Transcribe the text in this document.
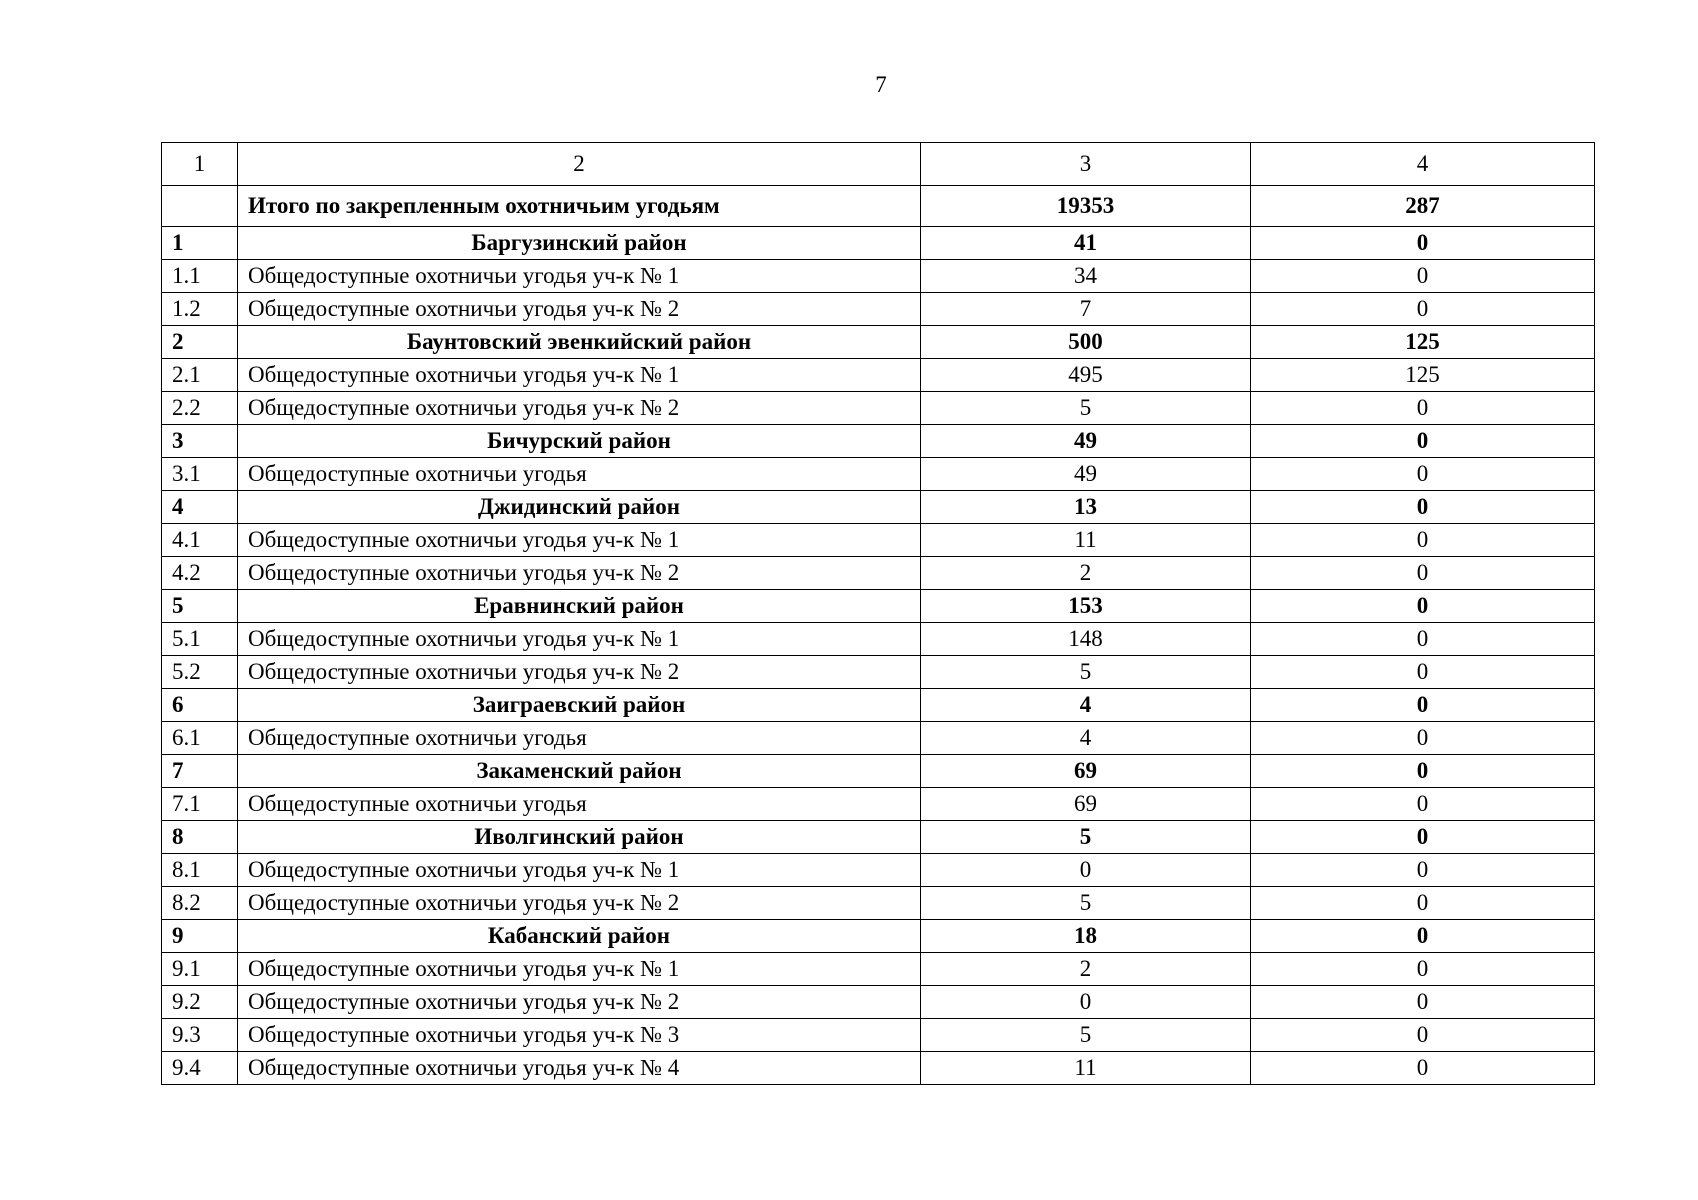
7
1	2	3	4
	Итого по закрепленным охотничьим угодьям	19353	287
1	Баргузинский район	41	0
1.1	Общедоступные охотничьи угодья уч-к № 1	34	0
1.2	Общедоступные охотничьи угодья уч-к № 2	7	0
2	Баунтовский эвенкийский район	500	125
2.1	Общедоступные охотничьи угодья уч-к № 1	495	125
2.2	Общедоступные охотничьи угодья уч-к № 2	5	0
3	Бичурский район	49	0
3.1	Общедоступные охотничьи угодья	49	0
4	Джидинский район	13	0
4.1	Общедоступные охотничьи угодья уч-к № 1	11	0
4.2	Общедоступные охотничьи угодья уч-к № 2	2	0
5	Еравнинский район	153	0
5.1	Общедоступные охотничьи угодья уч-к № 1	148	0
5.2	Общедоступные охотничьи угодья уч-к № 2	5	0
6	Заиграевский район	4	0
6.1	Общедоступные охотничьи угодья	4	0
7	Закаменский район	69	0
7.1	Общедоступные охотничьи угодья	69	0
8	Иволгинский район	5	0
8.1	Общедоступные охотничьи угодья уч-к № 1	0	0
8.2	Общедоступные охотничьи угодья уч-к № 2	5	0
9	Кабанский район	18	0
9.1	Общедоступные охотничьи угодья уч-к № 1	2	0
9.2	Общедоступные охотничьи угодья уч-к № 2	0	0
9.3	Общедоступные охотничьи угодья уч-к № 3	5	0
9.4	Общедоступные охотничьи угодья уч-к № 4	11	0
